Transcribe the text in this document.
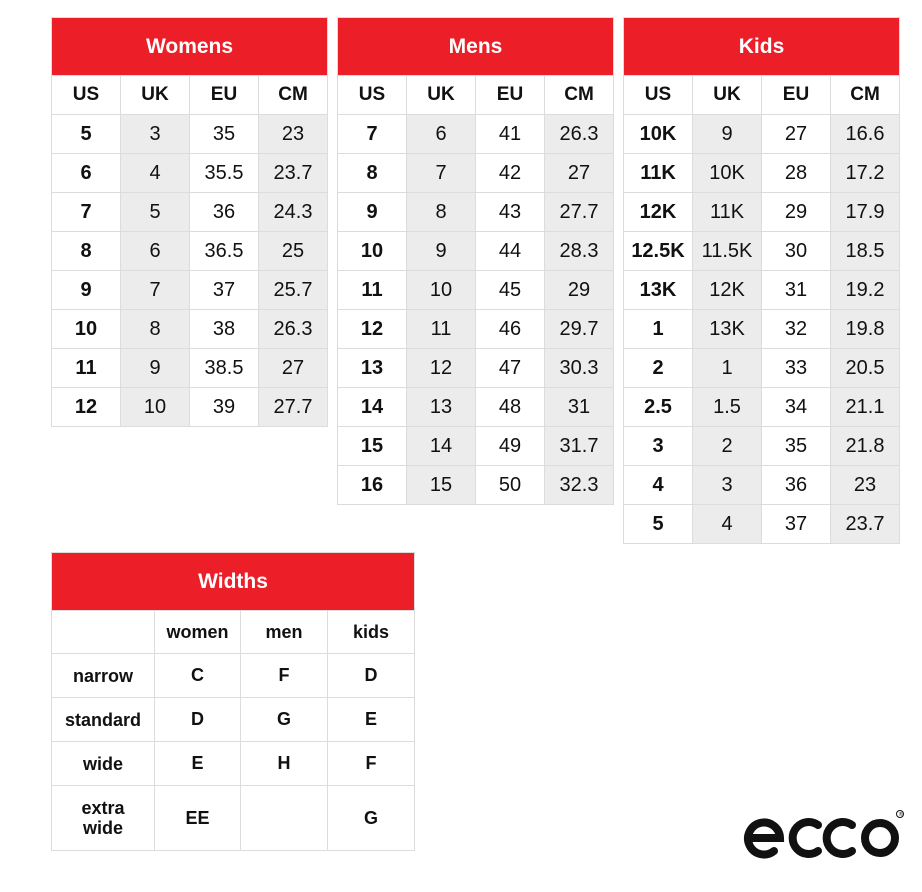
Womens			
US	UK	EU	CM
5	3	35	23
6	4	35.5	23.7
7	5	36	24.3
8	6	36.5	25
9	7	37	25.7
10	8	38	26.3
11	9	38.5	27
12	10	39	27.7
Mens			
US	UK	EU	CM
7	6	41	26.3
8	7	42	27
9	8	43	27.7
10	9	44	28.3
11	10	45	29
12	11	46	29.7
13	12	47	30.3
14	13	48	31
15	14	49	31.7
16	15	50	32.3
Kids			
US	UK	EU	CM
10K	9	27	16.6
11K	10K	28	17.2
12K	11K	29	17.9
12.5K	11.5K	30	18.5
13K	12K	31	19.2
1	13K	32	19.8
2	1	33	20.5
2.5	1.5	34	21.1
3	2	35	21.8
4	3	36	23
5	4	37	23.7
Widths			
	women	men	kids
narrow	C	F	D
standard	D	G	E
wide	E	H	F
extra wide	EE		G	®
